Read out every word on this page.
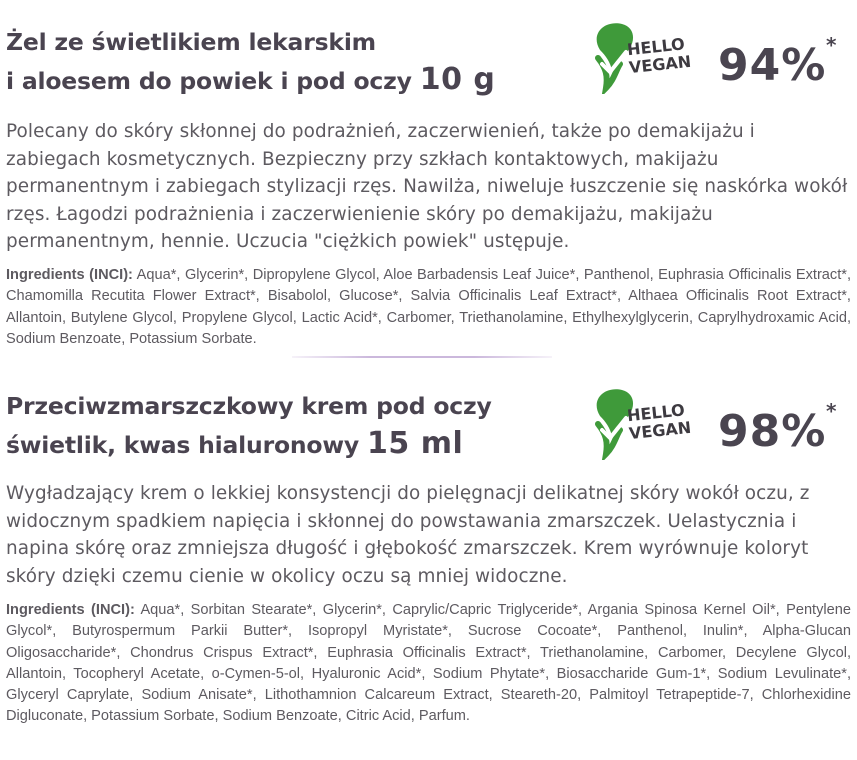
Żel ze świetlikiem lekarskim
i aloesem do powiek i pod oczy 10 g
HELLO
VEGAN 94% *

Polecany do skóry skłonnej do podrażnień, zaczerwienień, także po demakijażu i zabiegach kosmetycznych. Bezpieczny przy szkłach kontaktowych, makijażu permanentnym i zabiegach stylizacji rzęs. Nawilża, niweluje łuszczenie się naskórka wokół rzęs. Łagodzi podrażnienia i zaczerwienienie skóry po demakijażu, makijażu permanentnym, hennie. Uczucia "ciężkich powiek" ustępuje.

Ingredients (INCI): Aqua*, Glycerin*, Dipropylene Glycol, Aloe Barbadensis Leaf Juice*, Panthenol, Euphrasia Officinalis Extract*, Chamomilla Recutita Flower Extract*, Bisabolol, Glucose*, Salvia Officinalis Leaf Extract*, Althaea Officinalis Root Extract*, Allantoin, Butylene Glycol, Propylene Glycol, Lactic Acid*, Carbomer, Triethanolamine, Ethylhexylglycerin, Caprylhydroxamic Acid, Sodium Benzoate, Potassium Sorbate.

Przeciwzmarszczkowy krem pod oczy
świetlik, kwas hialuronowy 15 ml
HELLO
VEGAN 98% *

Wygładzający krem o lekkiej konsystencji do pielęgnacji delikatnej skóry wokół oczu, z widocznym spadkiem napięcia i skłonnej do powstawania zmarszczek. Uelastycznia i napina skórę oraz zmniejsza długość i głębokość zmarszczek. Krem wyrównuje koloryt skóry dzięki czemu cienie w okolicy oczu są mniej widoczne.

Ingredients (INCI): Aqua*, Sorbitan Stearate*, Glycerin*, Caprylic/Capric Triglyceride*, Argania Spinosa Kernel Oil*, Pentylene Glycol*, Butyrospermum Parkii Butter*, Isopropyl Myristate*, Sucrose Cocoate*, Panthenol, Inulin*, Alpha-Glucan Oligosaccharide*, Chondrus Crispus Extract*, Euphrasia Officinalis Extract*, Triethanolamine, Carbomer, Decylene Glycol, Allantoin, Tocopheryl Acetate, o-Cymen-5-ol, Hyaluronic Acid*, Sodium Phytate*, Biosaccharide Gum-1*, Sodium Levulinate*, Glyceryl Caprylate, Sodium Anisate*, Lithothamnion Calcareum Extract, Steareth-20, Palmitoyl Tetrapeptide-7, Chlorhexidine Digluconate, Potassium Sorbate, Sodium Benzoate, Citric Acid, Parfum.
